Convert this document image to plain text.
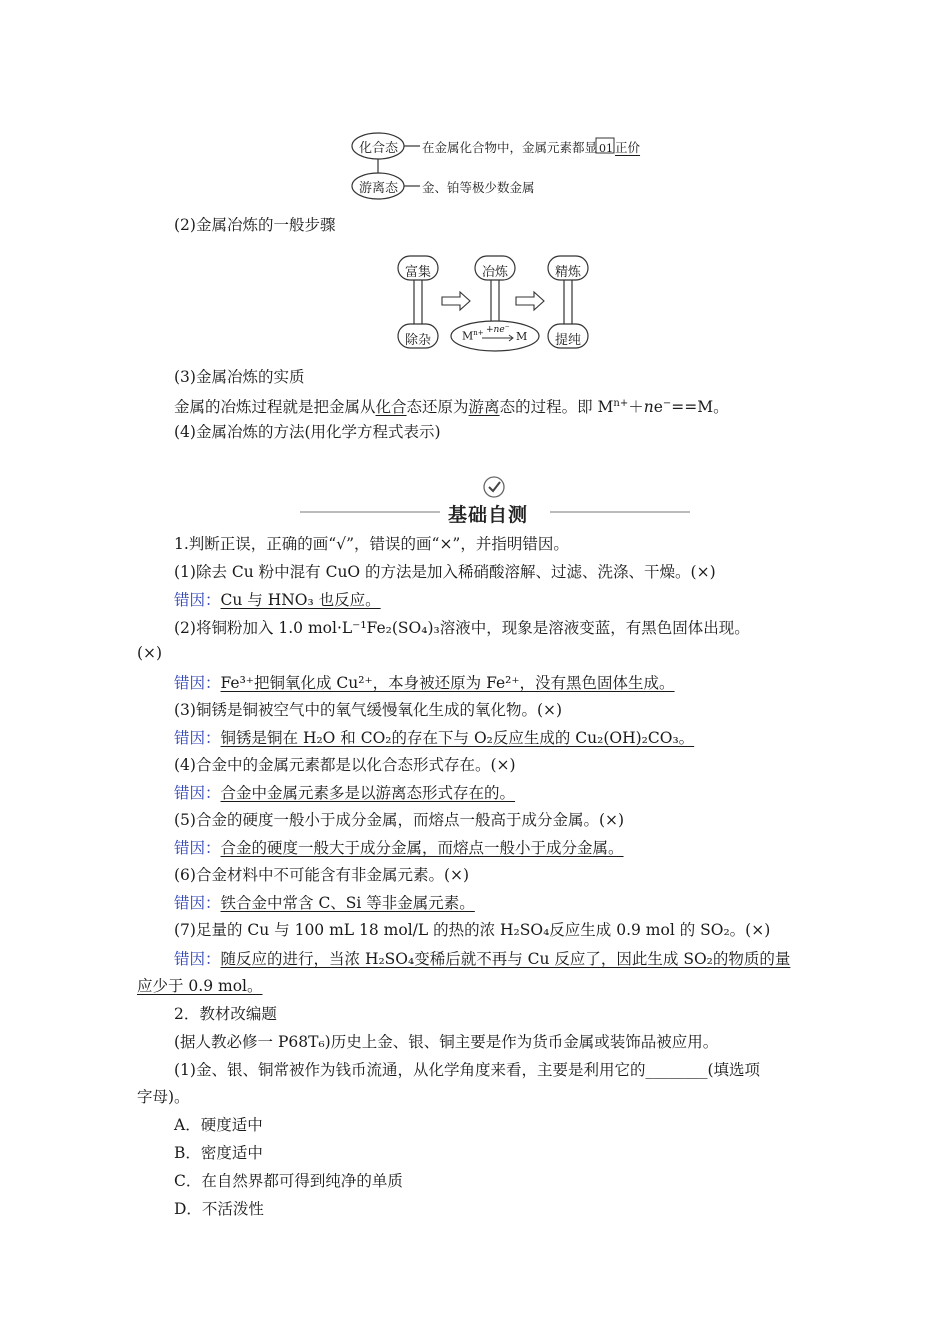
化合态
游离态
在金属化合物中，金属元素都显 01 正价
金、铂等极少数金属
(2)金属冶炼的一般步骤
富集	冶炼	精炼
除杂	提纯
$M^{n+} +ne^-$
M
(3)金属冶炼的实质
金属的冶炼过程就是把金属从化合态还原为游离态的过程。即 $M^{n+}+ne^-==M$。
(4)金属冶炼的方法(用化学方程式表示)
基础自测
1.判断正误，正确的画“√”，错误的画“×”，并指明错因。
(1)除去 Cu 粉中混有 CuO 的方法是加入稀硝酸溶解、过滤、洗涤、干燥。(×)
错因：Cu 与 HNO₃ 也反应。
(2)将铜粉加入 1.0 mol·L⁻¹Fe₂(SO₄)₃溶液中，现象是溶液变蓝，有黑色固体出现。
(×)
错因：Fe³⁺把铜氧化成 Cu²⁺，本身被还原为 Fe²⁺，没有黑色固体生成。
(3)铜锈是铜被空气中的氧气缓慢氧化生成的氧化物。(×)
错因：铜锈是铜在 H₂O 和 CO₂的存在下与 O₂反应生成的 Cu₂(OH)₂CO₃。
(4)合金中的金属元素都是以化合态形式存在。(×)
错因：合金中金属元素多是以游离态形式存在的。
(5)合金的硬度一般小于成分金属，而熔点一般高于成分金属。(×)
错因：合金的硬度一般大于成分金属，而熔点一般小于成分金属。
(6)合金材料中不可能含有非金属元素。(×)
错因：铁合金中常含 C、Si 等非金属元素。
(7)足量的 Cu 与 100 mL 18 mol/L 的热的浓 H₂SO₄反应生成 0.9 mol 的 SO₂。(×)
错因：随反应的进行，当浓 H₂SO₄变稀后就不再与 Cu 反应了，因此生成 SO₂的物质的量
应少于 0.9 mol。
2．教材改编题
(据人教必修一 P68T₆)历史上金、银、铜主要是作为货币金属或装饰品被应用。
(1)金、银、铜常被作为钱币流通，从化学角度来看，主要是利用它的________(填选项
字母)。
A．硬度适中
B．密度适中
C．在自然界都可得到纯净的单质
D．不活泼性
